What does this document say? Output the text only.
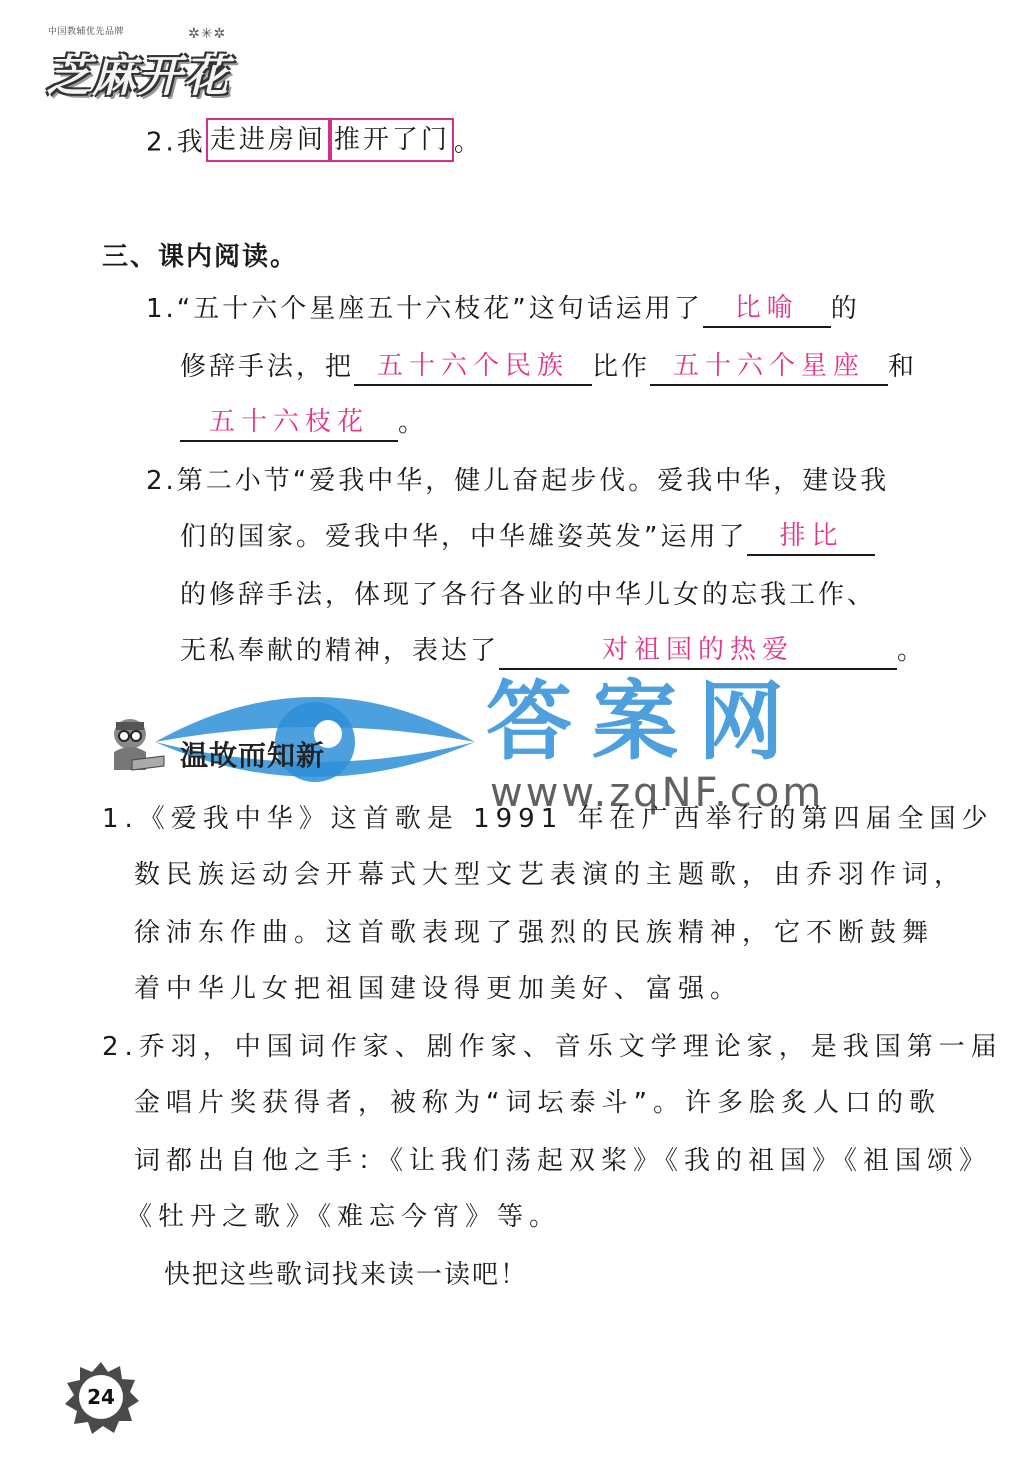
中国教辅优先品牌	✲✳✲
芝麻开花
2.我 走进房间 推开了门 。
三、课内阅读。
1.“五十六个星座五十六枝花”这句话运用了 比喻 的
修辞手法，把 五十六个民族 比作 五十六个星座 和
五十六枝花 。
2.第二小节“爱我中华，健儿奋起步伐。爱我中华，建设我
们的国家。爱我中华，中华雄姿英发”运用了 排比
的修辞手法，体现了各行各业的中华儿女的忘我工作、
无私奉献的精神，表达了	对祖国的热爱	。
答案网
www.zqNF.com
温故而知新
1.《爱我中华》这首歌是 1991 年在广西举行的第四届全国少
数民族运动会开幕式大型文艺表演的主题歌，由乔羽作词，
徐沛东作曲。这首歌表现了强烈的民族精神，它不断鼓舞
着中华儿女把祖国建设得更加美好、富强。
2.乔羽，中国词作家、剧作家、音乐文学理论家，是我国第一届
金唱片奖获得者，被称为“词坛泰斗”。许多脍炙人口的歌
词都出自他之手：《让我们荡起双桨》《我的祖国》《祖国颂》
《牡丹之歌》《难忘今宵》等。
快把这些歌词找来读一读吧！
24
